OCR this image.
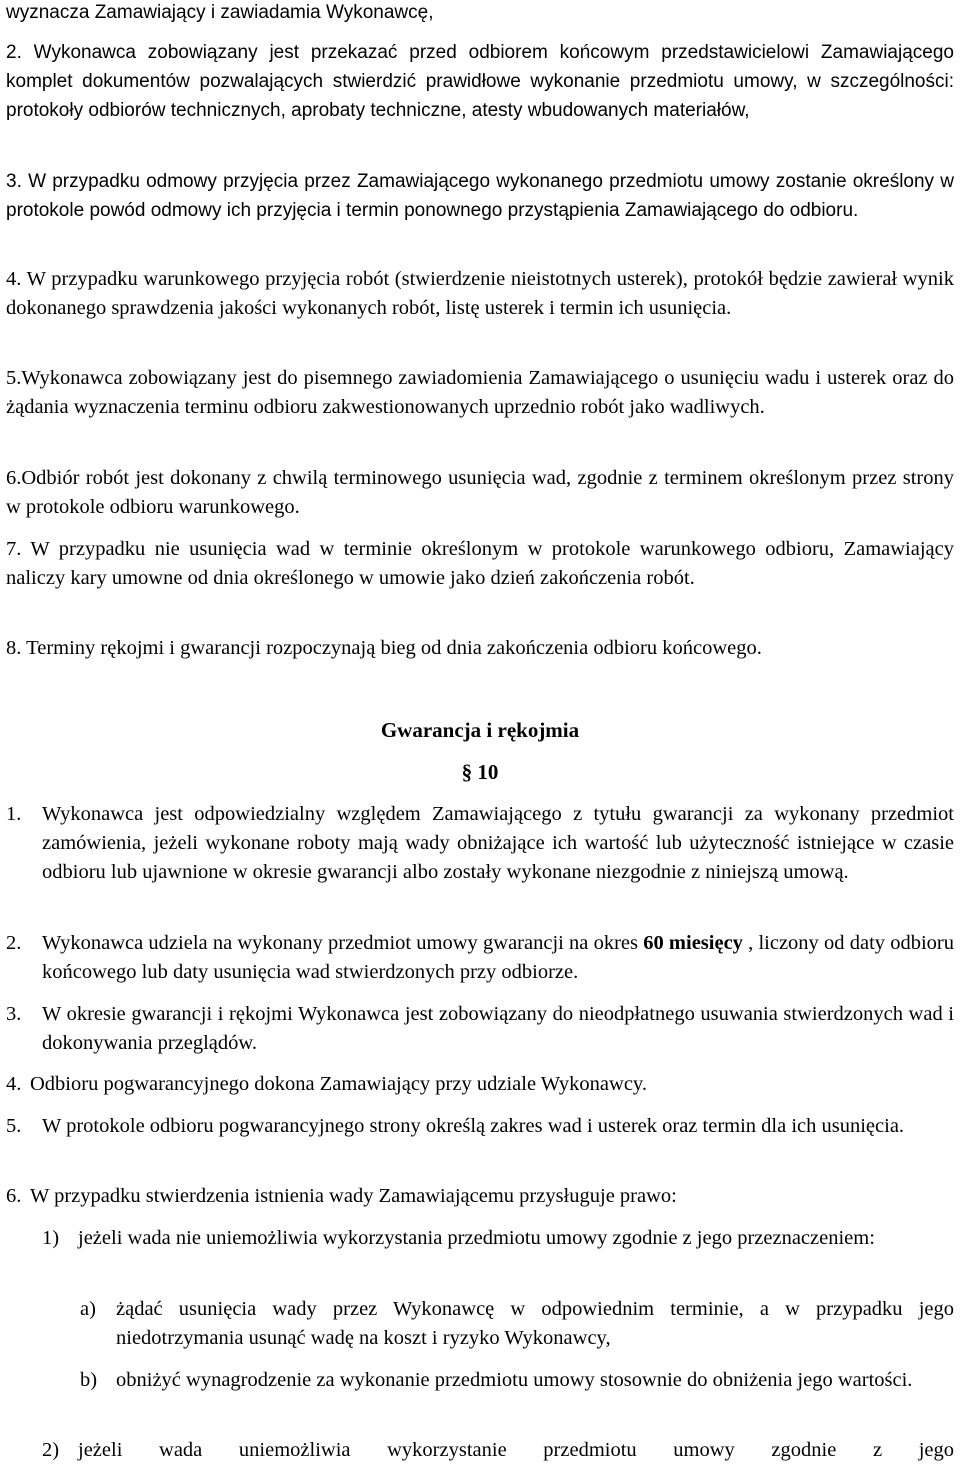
wyznacza Zamawiający i zawiadamia Wykonawcę,

2. Wykonawca zobowiązany jest przekazać przed odbiorem końcowym przedstawicielowi Zamawiającego komplet dokumentów pozwalających stwierdzić prawidłowe wykonanie przedmiotu umowy, w szczególności: protokoły odbiorów technicznych, aprobaty techniczne, atesty wbudowanych materiałów,

3. W przypadku odmowy przyjęcia przez Zamawiającego wykonanego przedmiotu umowy zostanie określony w protokole powód odmowy ich przyjęcia i termin ponownego przystąpienia Zamawiającego do odbioru.

4. W przypadku warunkowego przyjęcia robót (stwierdzenie nieistotnych usterek), protokół będzie zawierał wynik dokonanego sprawdzenia jakości wykonanych robót, listę usterek i termin ich usunięcia.

5.Wykonawca zobowiązany jest do pisemnego zawiadomienia Zamawiającego o usunięciu wadu i usterek oraz do żądania wyznaczenia terminu odbioru zakwestionowanych uprzednio robót jako wadliwych.

6.Odbiór robót jest dokonany z chwilą terminowego usunięcia wad, zgodnie z terminem określonym przez strony w protokole odbioru warunkowego.

7. W przypadku nie usunięcia wad w terminie określonym w protokole warunkowego odbioru, Zamawiający naliczy kary umowne od dnia określonego w umowie jako dzień zakończenia robót.

8. Terminy rękojmi i gwarancji rozpoczynają bieg od dnia zakończenia odbioru końcowego.

Gwarancja i rękojmia

§ 10

1.	Wykonawca jest odpowiedzialny względem Zamawiającego z tytułu gwarancji za wykonany przedmiot zamówienia, jeżeli wykonane roboty mają wady obniżające ich wartość lub użyteczność istniejące w czasie odbioru lub ujawnione w okresie gwarancji albo zostały wykonane niezgodnie z niniejszą umową.
2.	Wykonawca udziela na wykonany przedmiot umowy gwarancji na okres 60 miesięcy , liczony od daty odbioru końcowego lub daty usunięcia wad stwierdzonych przy odbiorze.
3.	W okresie gwarancji i rękojmi Wykonawca jest zobowiązany do nieodpłatnego usuwania stwierdzonych wad i dokonywania przeglądów.
4. Odbioru pogwarancyjnego dokona Zamawiający przy udziale Wykonawcy.
5.	W protokole odbioru pogwarancyjnego strony określą zakres wad i usterek oraz termin dla ich usunięcia.
6. W przypadku stwierdzenia istnienia wady Zamawiającemu przysługuje prawo:
1) jeżeli wada nie uniemożliwia wykorzystania przedmiotu umowy zgodnie z jego przeznaczeniem:
a) żądać usunięcia wady przez Wykonawcę w odpowiednim terminie, a w przypadku jego niedotrzymania usunąć wadę na koszt i ryzyko Wykonawcy,
b) obniżyć wynagrodzenie za wykonanie przedmiotu umowy stosownie do obniżenia jego wartości.
2) jeżeli wada uniemożliwia wykorzystanie przedmiotu umowy zgodnie z jego
